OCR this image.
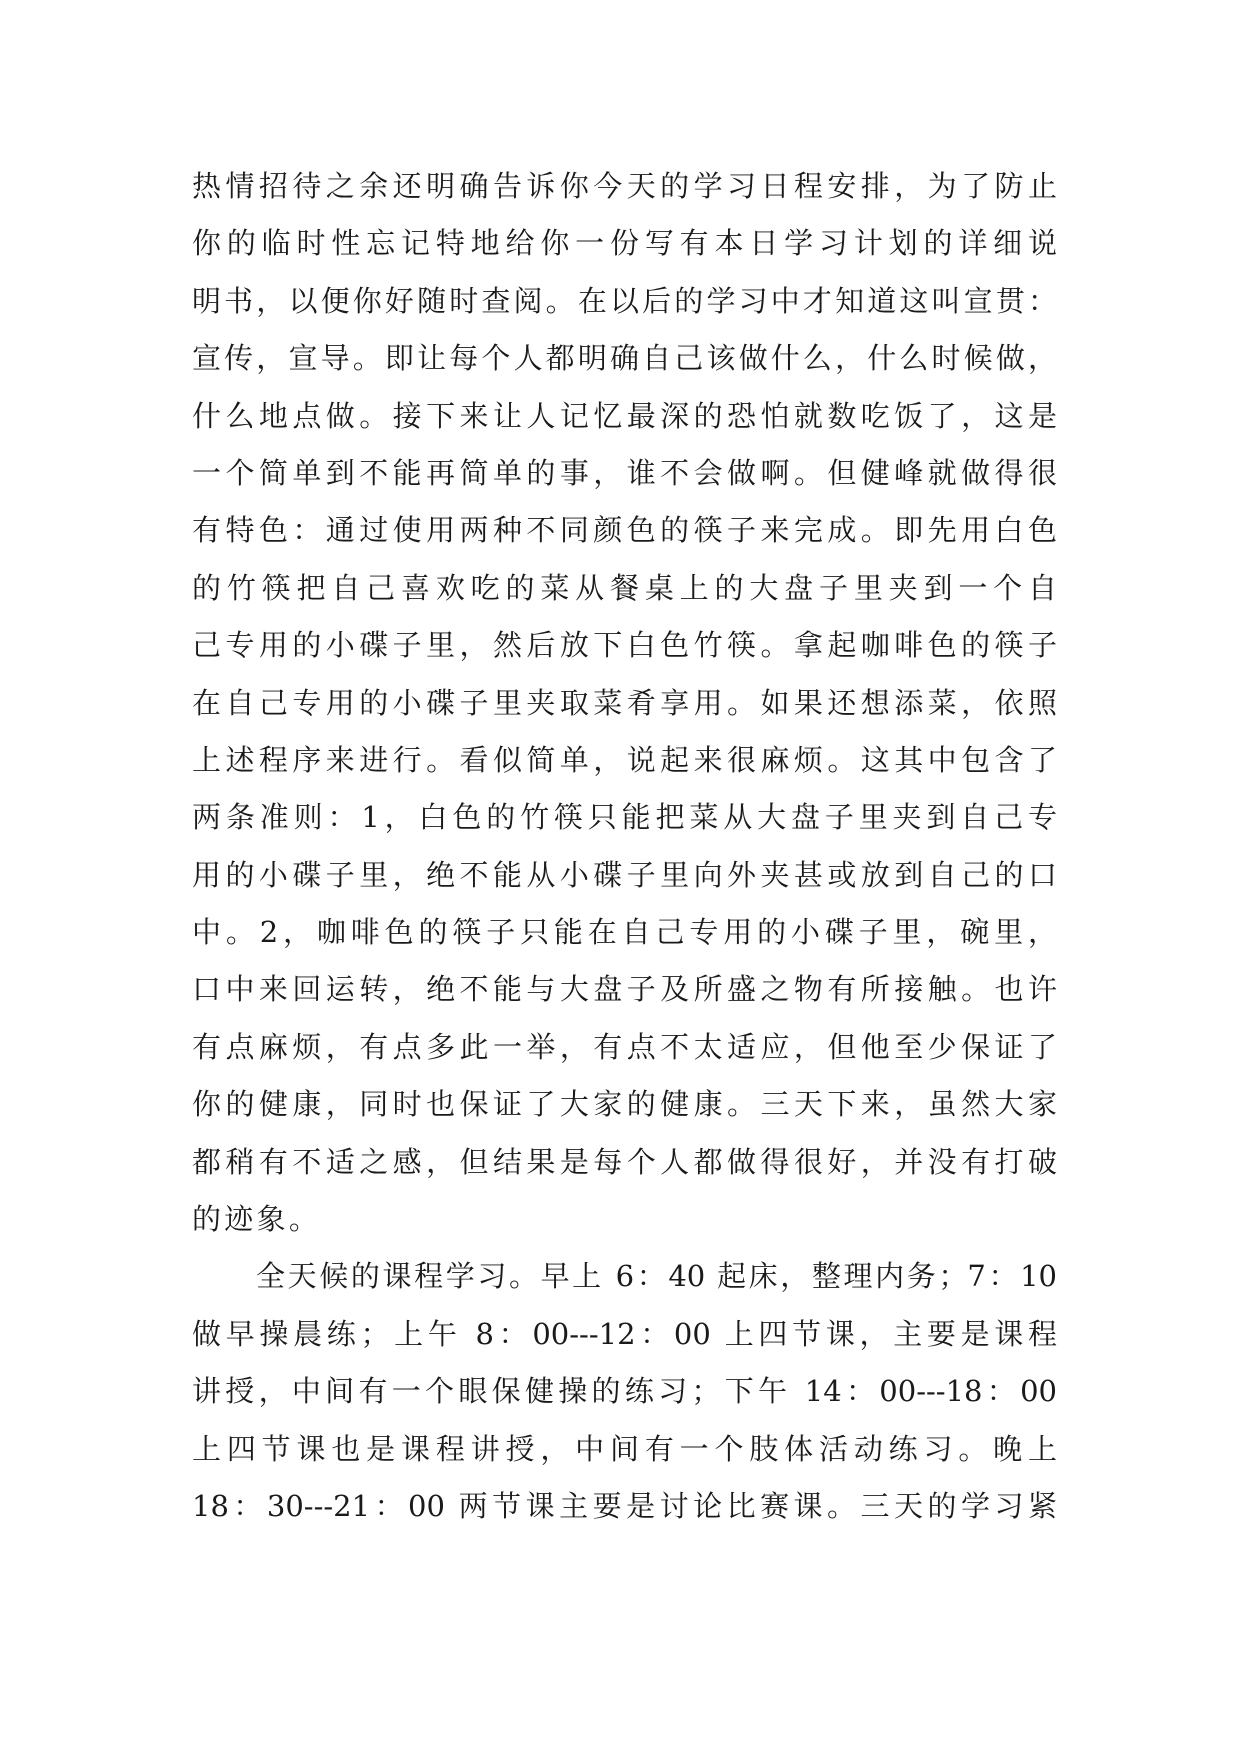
热情招待之余还明确告诉你今天的学习日程安排，为了防止
你的临时性忘记特地给你一份写有本日学习计划的详细说
明书，以便你好随时查阅。在以后的学习中才知道这叫宣贯：
宣传，宣导。即让每个人都明确自己该做什么，什么时候做，
什么地点做。接下来让人记忆最深的恐怕就数吃饭了，这是
一个简单到不能再简单的事，谁不会做啊。但健峰就做得很
有特色：通过使用两种不同颜色的筷子来完成。即先用白色
的竹筷把自己喜欢吃的菜从餐桌上的大盘子里夹到一个自
己专用的小碟子里，然后放下白色竹筷。拿起咖啡色的筷子
在自己专用的小碟子里夹取菜肴享用。如果还想添菜，依照
上述程序来进行。看似简单，说起来很麻烦。这其中包含了
两条准则：1，白色的竹筷只能把菜从大盘子里夹到自己专
用的小碟子里，绝不能从小碟子里向外夹甚或放到自己的口
中。2，咖啡色的筷子只能在自己专用的小碟子里，碗里，
口中来回运转，绝不能与大盘子及所盛之物有所接触。也许
有点麻烦，有点多此一举，有点不太适应，但他至少保证了
你的健康，同时也保证了大家的健康。三天下来，虽然大家
都稍有不适之感，但结果是每个人都做得很好，并没有打破
的迹象。
全天候的课程学习。早上 6：40 起床，整理内务；7：10
做早操晨练；上午 8：00---12：00 上四节课，主要是课程
讲授，中间有一个眼保健操的练习；下午 14：00---18：00
上四节课也是课程讲授，中间有一个肢体活动练习。晚上
18：30---21：00 两节课主要是讨论比赛课。三天的学习紧
